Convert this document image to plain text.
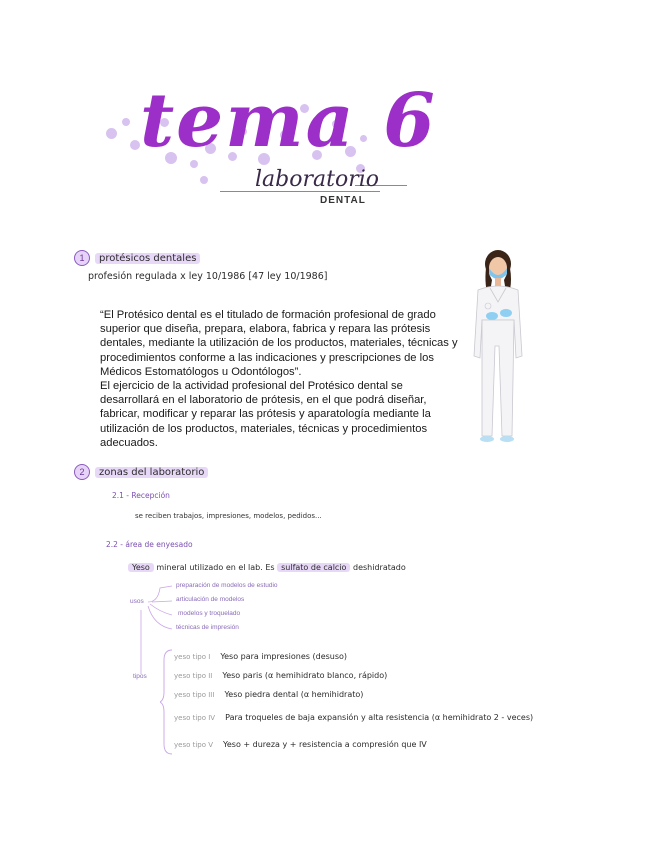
tema 6
laboratorio
DENTAL
1	protésicos dentales
profesión regulada x ley 10/1986 [47 ley 10/1986]
“El Protésico dental es el titulado de formación profesional de grado superior que diseña, prepara, elabora, fabrica y repara las prótesis dentales, mediante la utilización de los productos, materiales, técnicas y procedimientos conforme a las indicaciones y prescripciones de los Médicos Estomatólogos u Odontólogos”.
El ejercicio de la actividad profesional del Protésico dental se desarrollará en el laboratorio de prótesis, en el que podrá diseñar, fabricar, modificar y reparar las prótesis y aparatología mediante la utilización de los productos, materiales, técnicas y procedimientos adecuados.
2	zonas del laboratorio
2.1 - Recepción
se reciben trabajos, impresiones, modelos, pedidos...
2.2 - área de enyesado
Yeso mineral utilizado en el lab. Es sulfato de calcio deshidratado
usos
preparación de modelos de estudio
articulación de modelos
modelos y troquelado
técnicas de impresión
tipos
yeso tipo I Yeso para impresiones (desuso)
yeso tipo II Yeso paris (α hemihidrato blanco, rápido)
yeso tipo III Yeso piedra dental (α hemihidrato)
yeso tipo IV Para troqueles de baja expansión y alta resistencia (α hemihidrato 2 - veces)
yeso tipo V Yeso + dureza y + resistencia a compresión que IV
